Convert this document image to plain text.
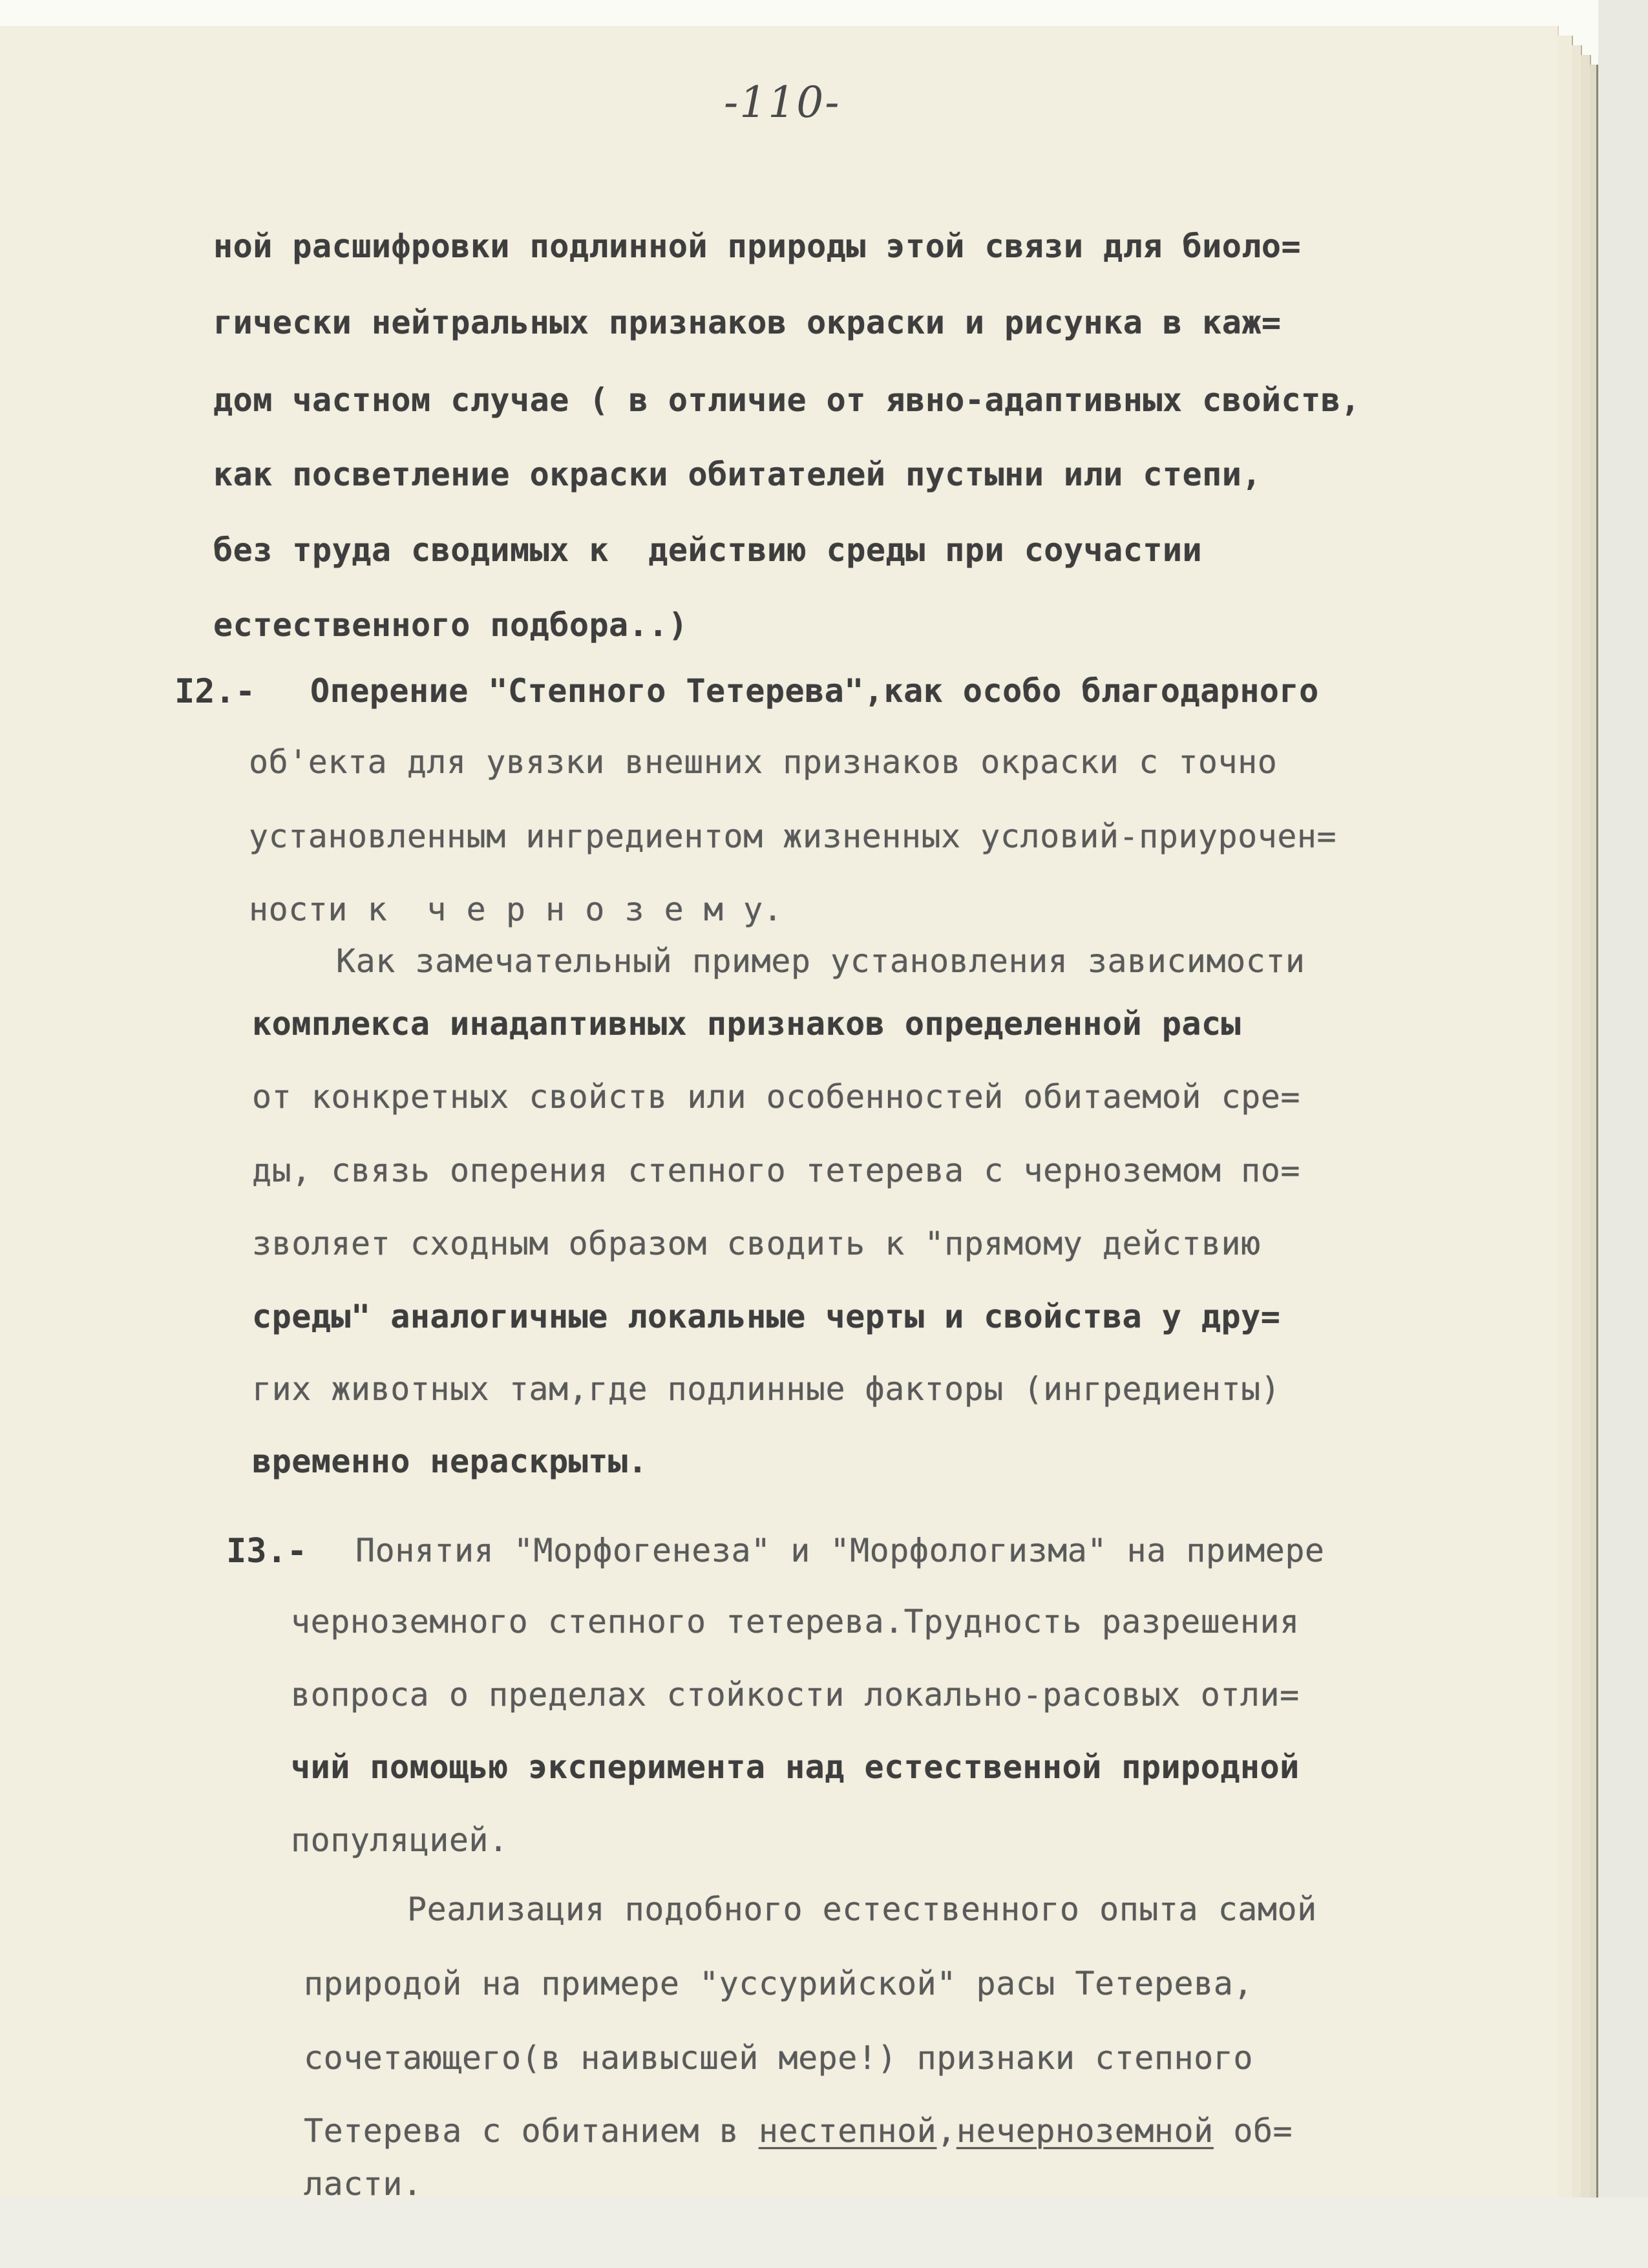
-110-
ной расшифровки подлинной природы этой связи для биоло=
гически нейтральных признаков окраски и рисунка в каж=
дом частном случае ( в отличие от явно-адаптивных свойств,
как посветление окраски обитателей пустыни или степи,
без труда сводимых к  действию среды при соучастии
естественного подбора..)
I2.- Оперение "Степного Тетерева",как особо благодарного
об'екта для увязки внешних признаков окраски с точно
установленным ингредиентом жизненных условий-приурочен=
ности к  ч е р н о з е м у.
Как замечательный пример установления зависимости
комплекса инадаптивных признаков определенной расы
от конкретных свойств или особенностей обитаемой сре=
ды, связь оперения степного тетерева с черноземом по=
зволяет сходным образом сводить к "прямому действию
среды" аналогичные локальные черты и свойства у дру=
гих животных там,где подлинные факторы (ингредиенты)
временно нераскрыты.
I3.- Понятия "Морфогенеза" и "Морфологизма" на примере
черноземного степного тетерева.Трудность разрешения
вопроса о пределах стойкости локально-расовых отли=
чий помощью эксперимента над естественной природной
популяцией.
Реализация подобного естественного опыта самой
природой на примере "уссурийской" расы Тетерева,
сочетающего(в наивысшей мере!) признаки степного
Тетерева с обитанием в нестепной,нечерноземной об=
ласти.
